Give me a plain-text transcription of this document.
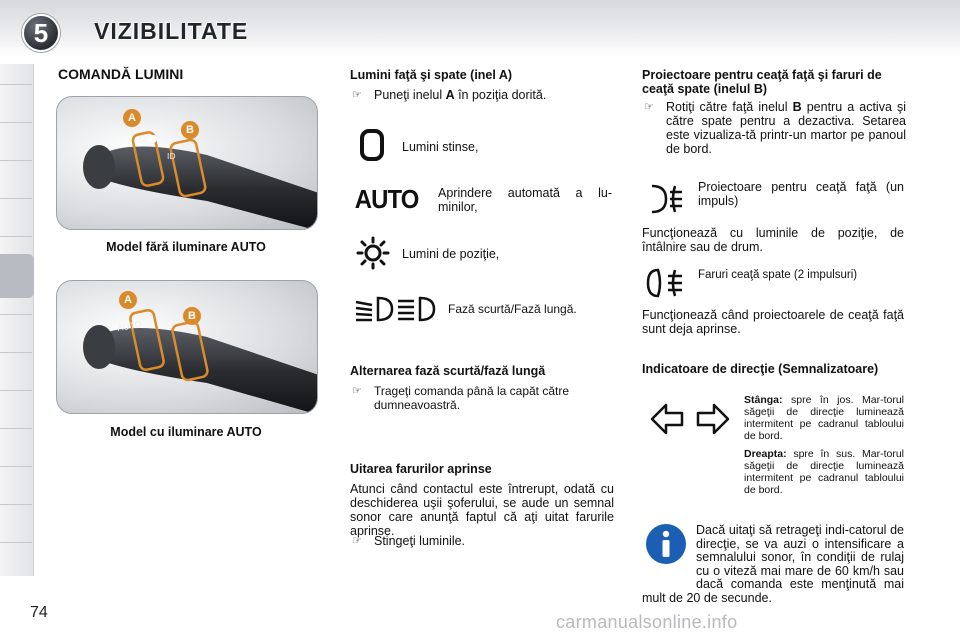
5	VIZIBILITATE
COMANDĂ LUMINI
ID
A
B
Model fără iluminare AUTO
AUTO
A
B
Model cu iluminare AUTO
Lumini faţă şi spate (inel A)
☞ Puneţi inelul A în poziţia dorită.
Lumini stinse,
AUTO Aprindere automată a lu-minilor,
Lumini de poziţie,
Fază scurtă/Fază lungă.
Alternarea fază scurtă/fază lungă
☞	Trageţi comanda până la capăt către dumneavoastră.
Uitarea farurilor aprinse
Atunci când contactul este întrerupt, odată cu deschiderea uşii şoferului, se aude un semnal sonor care anunţă faptul că aţi uitat farurile aprinse.
☞ Stingeţi luminile.
Proiectoare pentru ceaţă faţă şi faruri de ceaţă spate (inelul B)
☞ Rotiţi către faţă inelul B pentru a activa şi către spate pentru a dezactiva. Setarea este vizualiza-tă printr-un martor pe panoul de bord.
Proiectoare pentru ceaţă faţă (un impuls)
Funcţionează cu luminile de poziţie, de întâlnire sau de drum.
Faruri ceaţă spate (2 impulsuri)
Funcţionează când proiectoarele de ceaţă faţă sunt deja aprinse.
Indicatoare de direcţie (Semnalizatoare)
Stânga: spre în jos. Mar-torul săgeţii de direcţie luminează intermitent pe cadranul tabloului de bord.
Dreapta: spre în sus. Mar-torul săgeţii de direcţie luminează intermitent pe cadranul tabloului de bord.
Dacă uitaţi să retrageţi indi-catorul de direcţie, se va auzi o intensificare a semnalului sonor, în condiţii de rulaj cu o viteză mai mare de 60 km/h sau dacă comanda este menţinută mai mult de 20 de secunde.
74	carmanualsonline.info
